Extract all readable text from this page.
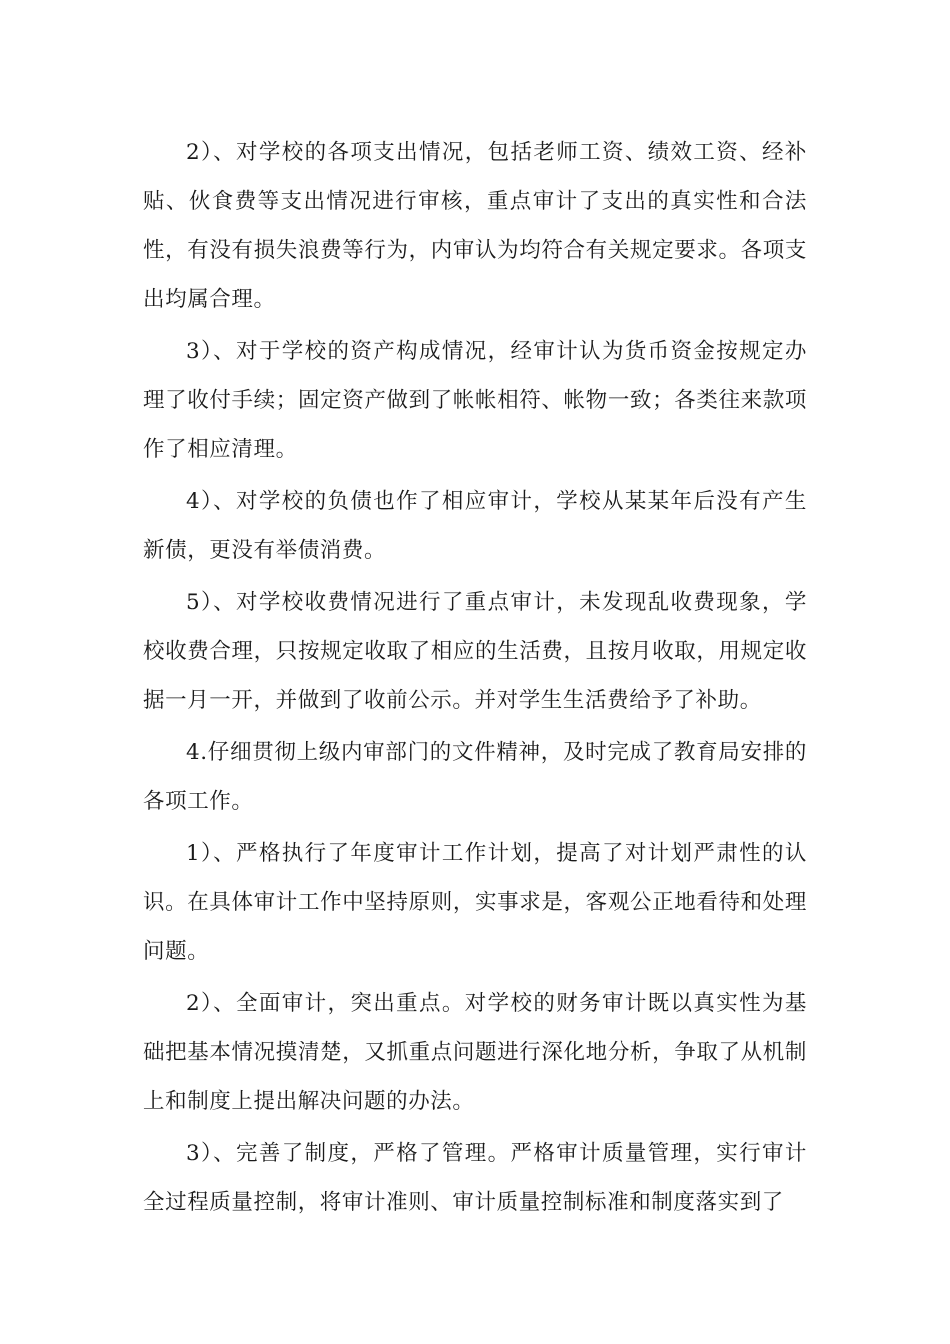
2）、对学校的各项支出情况，包括老师工资、绩效工资、经补贴、伙食费等支出情况进行审核，重点审计了支出的真实性和合法性，有没有损失浪费等行为，内审认为均符合有关规定要求。各项支出均属合理。

3）、对于学校的资产构成情况，经审计认为货币资金按规定办理了收付手续；固定资产做到了帐帐相符、帐物一致；各类往来款项作了相应清理。

4）、对学校的负债也作了相应审计，学校从某某年后没有产生新债，更没有举债消费。

5）、对学校收费情况进行了重点审计，未发现乱收费现象，学校收费合理，只按规定收取了相应的生活费，且按月收取，用规定收据一月一开，并做到了收前公示。并对学生生活费给予了补助。

4.仔细贯彻上级内审部门的文件精神，及时完成了教育局安排的各项工作。

1）、严格执行了年度审计工作计划，提高了对计划严肃性的认识。在具体审计工作中坚持原则，实事求是，客观公正地看待和处理问题。

2）、全面审计，突出重点。对学校的财务审计既以真实性为基础把基本情况摸清楚，又抓重点问题进行深化地分析，争取了从机制上和制度上提出解决问题的办法。

3）、完善了制度，严格了管理。严格审计质量管理，实行审计全过程质量控制，将审计准则、审计质量控制标准和制度落实到了
